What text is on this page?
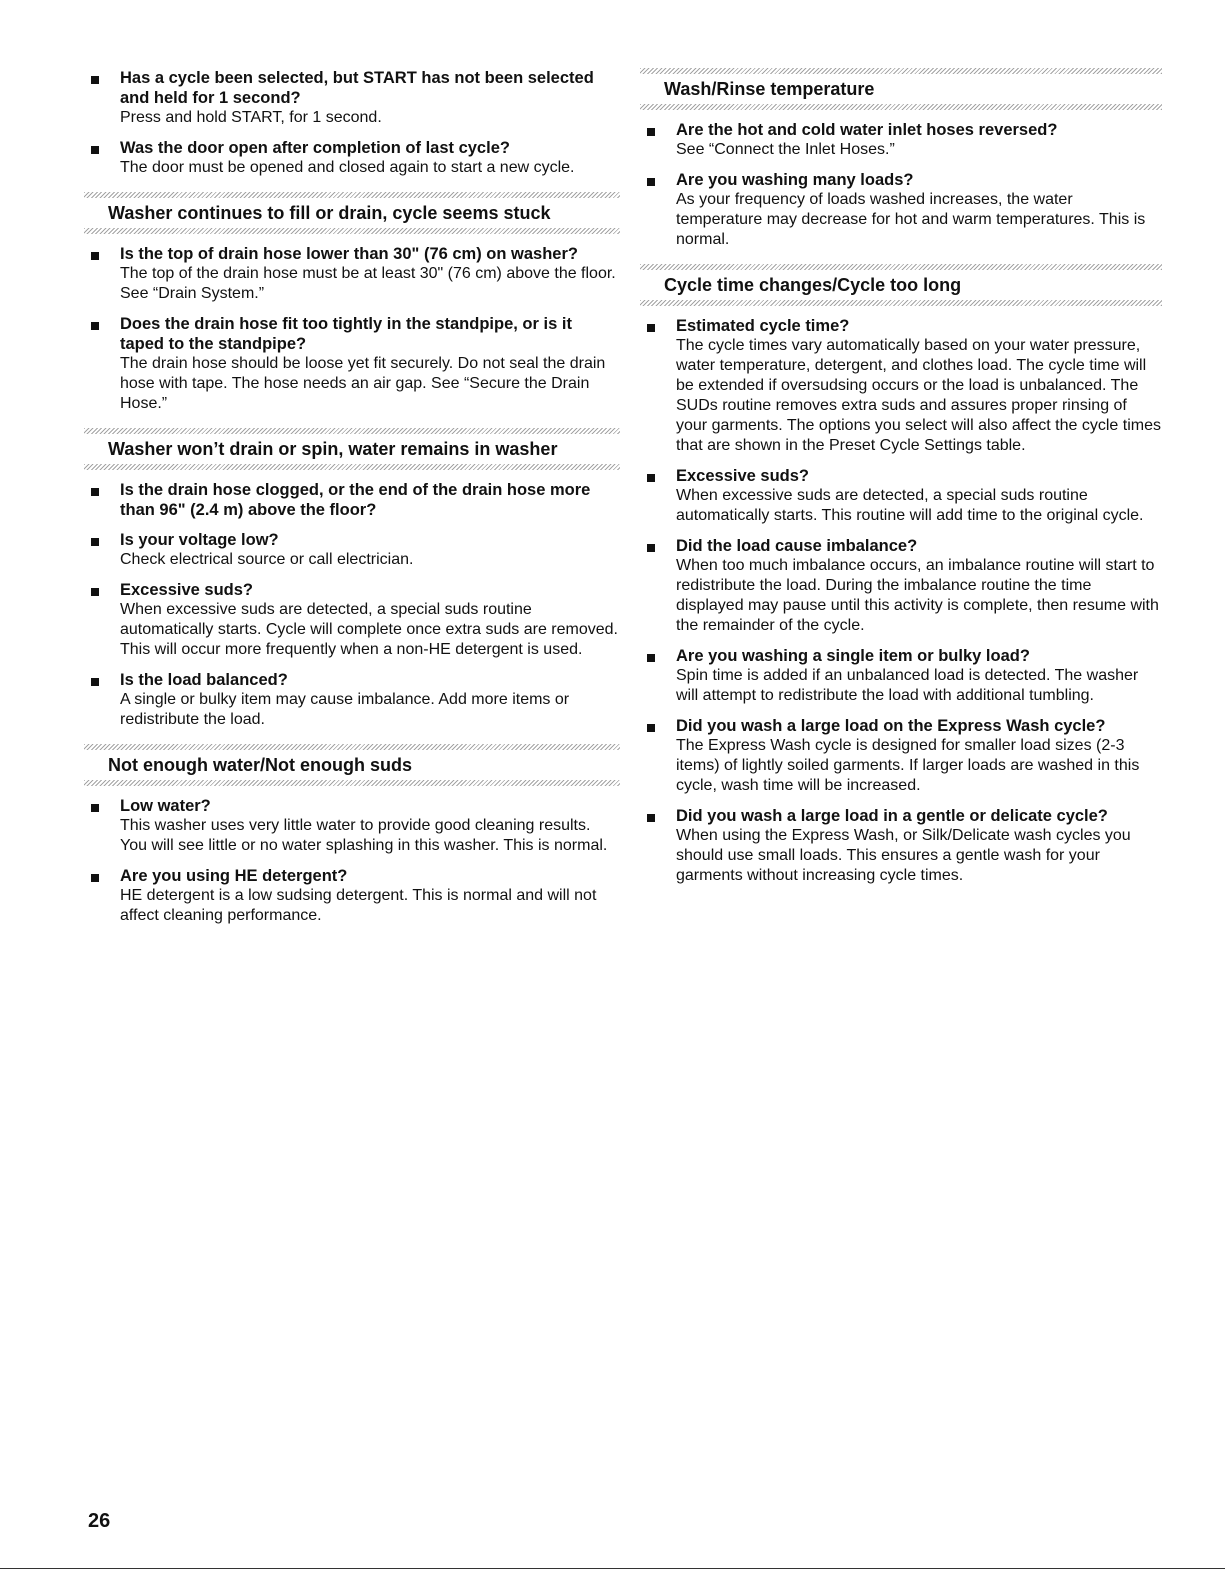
Has a cycle been selected, but START has not been selected and held for 1 second?

Press and hold START, for 1 second.

Was the door open after completion of last cycle?

The door must be opened and closed again to start a new cycle.

Washer continues to fill or drain, cycle seems stuck

Is the top of drain hose lower than 30" (76 cm) on washer?

The top of the drain hose must be at least 30" (76 cm) above the floor. See “Drain System.”

Does the drain hose fit too tightly in the standpipe, or is it taped to the standpipe?

The drain hose should be loose yet fit securely. Do not seal the drain hose with tape. The hose needs an air gap. See “Secure the Drain Hose.”

Washer won’t drain or spin, water remains in washer

Is the drain hose clogged, or the end of the drain hose more than 96" (2.4 m) above the floor?

Is your voltage low?

Check electrical source or call electrician.

Excessive suds?

When excessive suds are detected, a special suds routine automatically starts. Cycle will complete once extra suds are removed. This will occur more frequently when a non-HE detergent is used.

Is the load balanced?

A single or bulky item may cause imbalance. Add more items or redistribute the load.

Not enough water/Not enough suds

Low water?

This washer uses very little water to provide good cleaning results. You will see little or no water splashing in this washer. This is normal.

Are you using HE detergent?

HE detergent is a low sudsing detergent. This is normal and will not affect cleaning performance.

Wash/Rinse temperature

Are the hot and cold water inlet hoses reversed?

See “Connect the Inlet Hoses.”

Are you washing many loads?

As your frequency of loads washed increases, the water temperature may decrease for hot and warm temperatures. This is normal.

Cycle time changes/Cycle too long

Estimated cycle time?

The cycle times vary automatically based on your water pressure, water temperature, detergent, and clothes load. The cycle time will be extended if oversudsing occurs or the load is unbalanced. The SUDs routine removes extra suds and assures proper rinsing of your garments. The options you select will also affect the cycle times that are shown in the Preset Cycle Settings table.

Excessive suds?

When excessive suds are detected, a special suds routine automatically starts. This routine will add time to the original cycle.

Did the load cause imbalance?

When too much imbalance occurs, an imbalance routine will start to redistribute the load. During the imbalance routine the time displayed may pause until this activity is complete, then resume with the remainder of the cycle.

Are you washing a single item or bulky load?

Spin time is added if an unbalanced load is detected. The washer will attempt to redistribute the load with additional tumbling.

Did you wash a large load on the Express Wash cycle?

The Express Wash cycle is designed for smaller load sizes (2-3 items) of lightly soiled garments. If larger loads are washed in this cycle, wash time will be increased.

Did you wash a large load in a gentle or delicate cycle?

When using the Express Wash, or Silk/Delicate wash cycles you should use small loads. This ensures a gentle wash for your garments without increasing cycle times.

26
